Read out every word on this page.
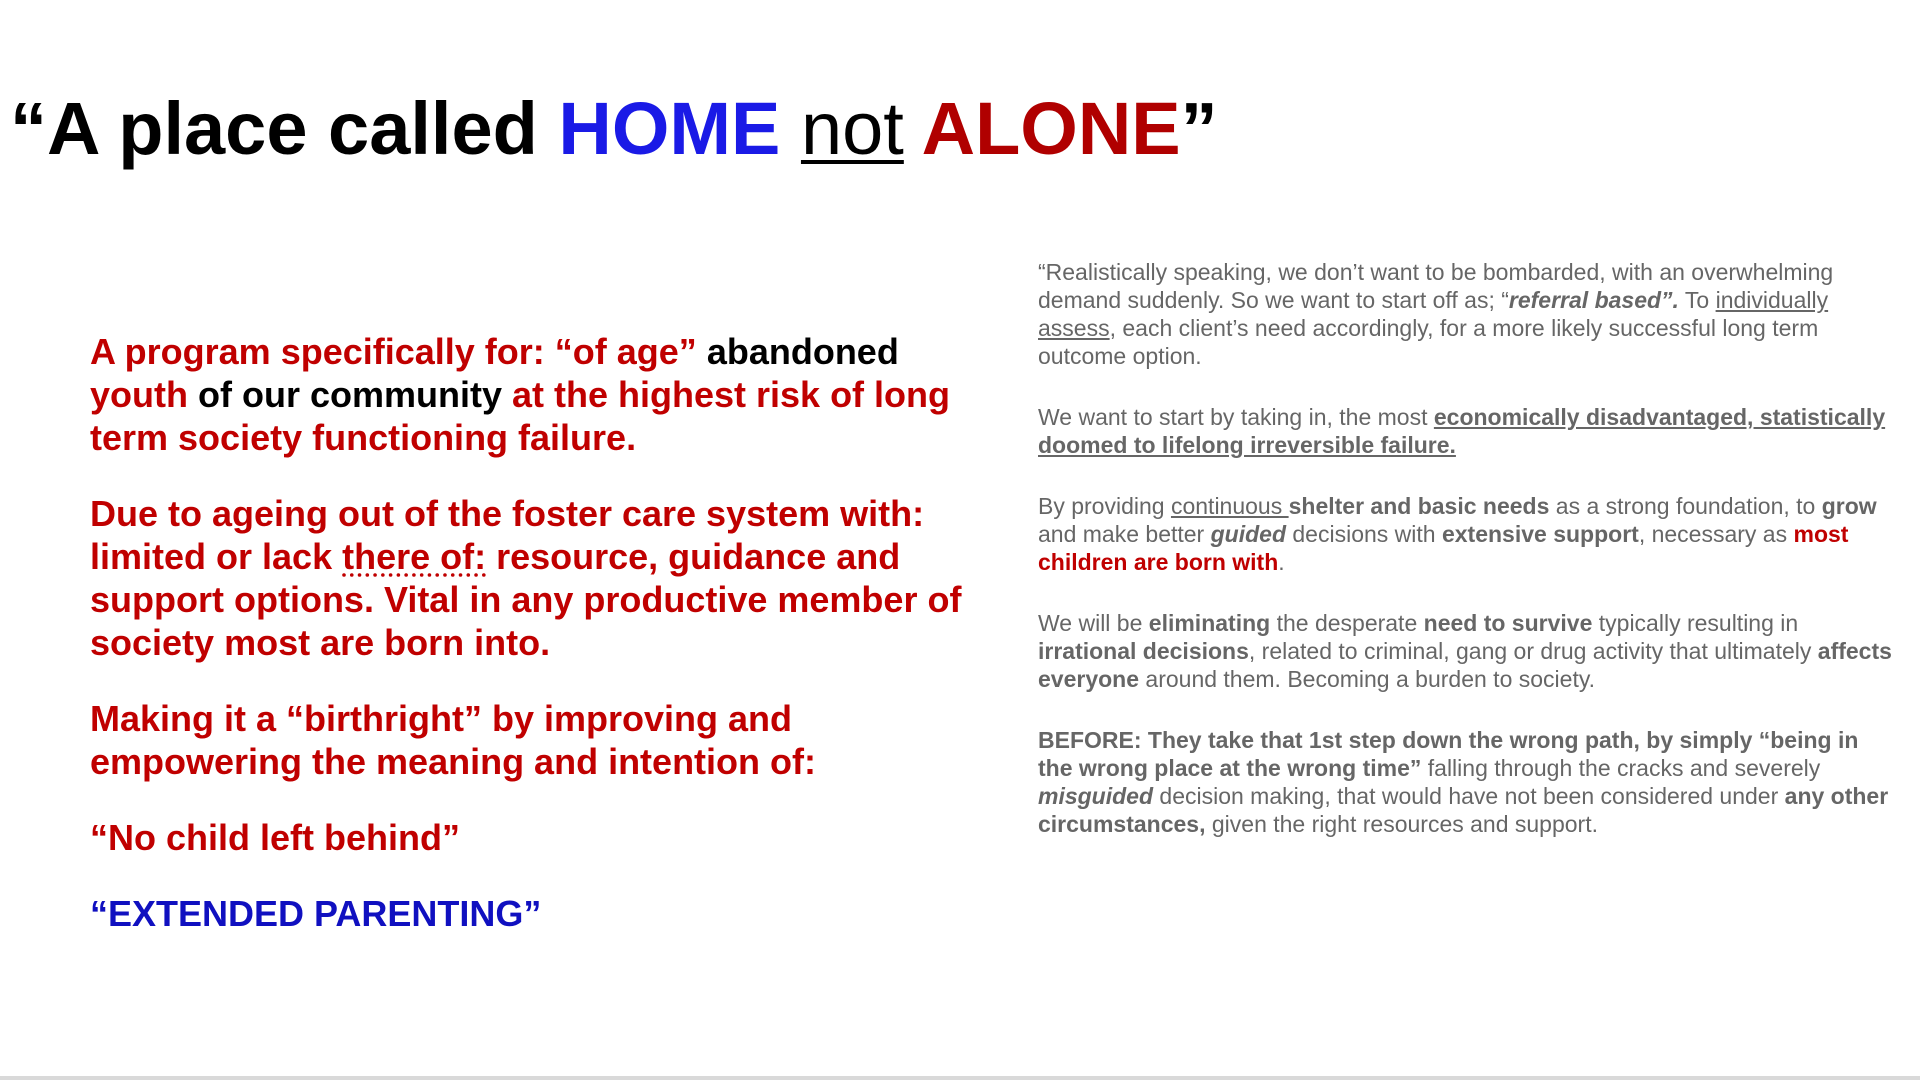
“A place called HOME not ALONE”

A program specifically for: “of age” abandoned
youth of our community at the highest risk of long term society functioning failure.

Due to ageing out of the foster care system with: limited or lack there of: resource, guidance and support options. Vital in any productive member of society most are born into.

Making it a “birthright” by improving and empowering the meaning and intention of:

“No child left behind”

“EXTENDED PARENTING”

“Realistically speaking, we don’t want to be bombarded, with an overwhelming demand suddenly. So we want to start off as; “referral based”. To individually assess, each client’s need accordingly, for a more likely successful long term outcome option.

We want to start by taking in, the most economically disadvantaged, statistically doomed to lifelong irreversible failure.

By providing continuous shelter and basic needs as a strong foundation, to grow and make better guided decisions with extensive support, necessary as most children are born with.

We will be eliminating the desperate need to survive typically resulting in irrational decisions, related to criminal, gang or drug activity that ultimately affects everyone around them. Becoming a burden to society.

BEFORE: They take that 1st step down the wrong path, by simply “being in the wrong place at the wrong time” falling through the cracks and severely misguided decision making, that would have not been considered under any other circumstances, given the right resources and support.
